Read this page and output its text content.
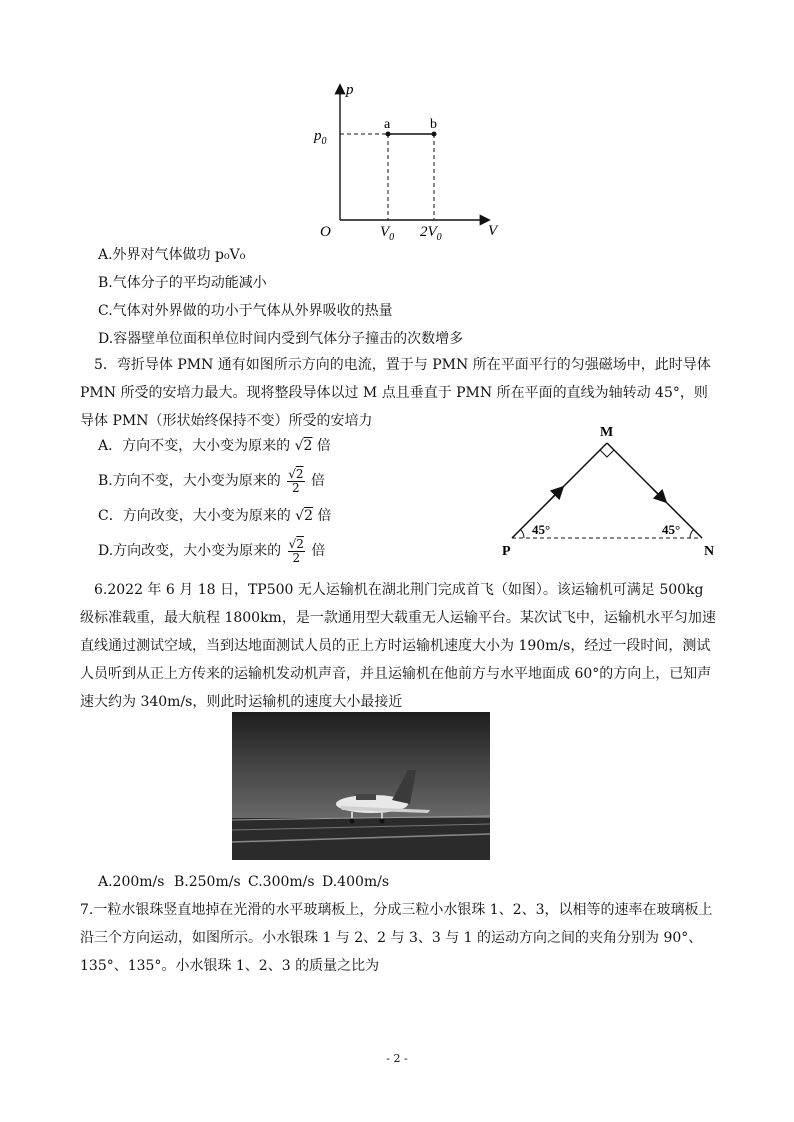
p
V
O
$p_0$
a	b
$V_0$ $2V_0$
A.外界对气体做功 p₀V₀
B.气体分子的平均动能减小
C.气体对外界做的功小于气体从外界吸收的热量
D.容器壁单位面积单位时间内受到气体分子撞击的次数增多
5．弯折导体 PMN 通有如图所示方向的电流，置于与 PMN 所在平面平行的匀强磁场中，此时导体 PMN 所受的安培力最大。现将整段导体以过 M 点且垂直于 PMN 所在平面的直线为轴转动 45°，则导体 PMN（形状始终保持不变）所受的安培力
A．方向不变，大小变为原来的 √2 倍
B.方向不变，大小变为原来的 $\frac{√2}{2}$ 倍
C．方向改变，大小变为原来的 √2 倍
D.方向改变，大小变为原来的 $\frac{√2}{2}$ 倍
M
P	N
45°	45°
6.2022 年 6 月 18 日，TP500 无人运输机在湖北荆门完成首飞（如图）。该运输机可满足 500kg 级标准载重，最大航程 1800km，是一款通用型大载重无人运输平台。某次试飞中，运输机水平匀加速直线通过测试空域，当到达地面测试人员的正上方时运输机速度大小为 190m/s，经过一段时间，测试人员听到从正上方传来的运输机发动机声音，并且运输机在他前方与水平地面成 60°的方向上，已知声速大约为 340m/s，则此时运输机的速度大小最接近
A.200m/s B.250m/s C.300m/s D.400m/s
7.一粒水银珠竖直地掉在光滑的水平玻璃板上，分成三粒小水银珠 1、2、3，以相等的速率在玻璃板上沿三个方向运动，如图所示。小水银珠 1 与 2、2 与 3、3 与 1 的运动方向之间的夹角分别为 90°、135°、135°。小水银珠 1、2、3 的质量之比为
- 2 -
